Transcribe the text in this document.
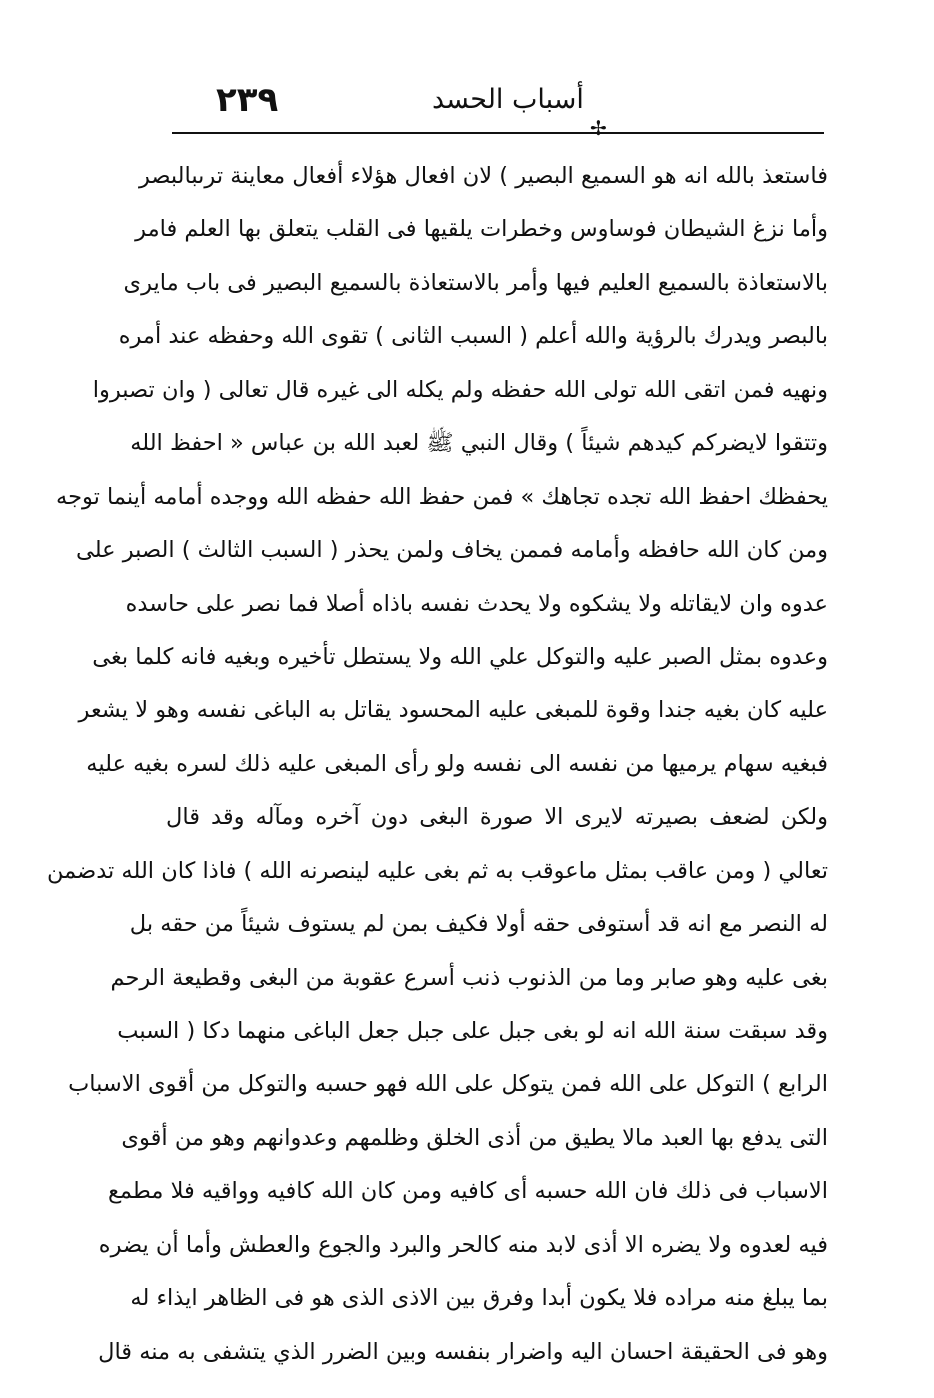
٢٣٩	أسباب الحسد
✢
فاستعذ بالله انه هو السميع البصير ) لان افعال هؤلاء أفعال معاينة ترىبالبصر
وأما نزغ الشيطان فوساوس وخطرات يلقيها فى القلب يتعلق بها العلم فامر
بالاستعاذة بالسميع العليم فيها وأمر بالاستعاذة بالسميع البصير فى باب مايرى
بالبصر ويدرك بالرؤية والله أعلم ( السبب الثانى ) تقوى الله وحفظه عند أمره
ونهيه فمن اتقى الله تولى الله حفظه ولم يكله الى غيره قال تعالى ( وان تصبروا
وتتقوا لايضركم كيدهم شيئاً ) وقال النبي ﷺ لعبد الله بن عباس « احفظ الله
يحفظك احفظ الله تجده تجاهك » فمن حفظ الله حفظه الله ووجده أمامه أينما توجه
ومن كان الله حافظه وأمامه فممن يخاف ولمن يحذر ( السبب الثالث ) الصبر على
عدوه وان لايقاتله ولا يشكوه ولا يحدث نفسه باذاه أصلا فما نصر على حاسده
وعدوه بمثل الصبر عليه والتوكل علي الله ولا يستطل تأخيره وبغيه فانه كلما بغى
عليه كان بغيه جندا وقوة للمبغى عليه المحسود يقاتل به الباغى نفسه وهو لا يشعر
فبغيه سهام يرميها من نفسه الى نفسه ولو رأى المبغى عليه ذلك لسره بغيه عليه
ولكن لضعف بصيرته لايرى الا صورة البغى دون آخره ومآله وقد قال
تعالي ( ومن عاقب بمثل ماعوقب به ثم بغى عليه لينصرنه الله ) فاذا كان الله تدضمن
له النصر مع انه قد أستوفى حقه أولا فكيف بمن لم يستوف شيئاً من حقه بل
بغى عليه وهو صابر وما من الذنوب ذنب أسرع عقوبة من البغى وقطيعة الرحم
وقد سبقت سنة الله انه لو بغى جبل على جبل جعل الباغى منهما دكا ( السبب
الرابع ) التوكل على الله فمن يتوكل على الله فهو حسبه والتوكل من أقوى الاسباب
التى يدفع بها العبد مالا يطيق من أذى الخلق وظلمهم وعدوانهم وهو من أقوى
الاسباب فى ذلك فان الله حسبه أى كافيه ومن كان الله كافيه وواقيه فلا مطمع
فيه لعدوه ولا يضره الا أذى لابد منه كالحر والبرد والجوع والعطش وأما أن يضره
بما يبلغ منه مراده فلا يكون أبدا وفرق بين الاذى الذى هو فى الظاهر ايذاء له
وهو فى الحقيقة احسان اليه واضرار بنفسه وبين الضرر الذي يتشفى به منه قال
